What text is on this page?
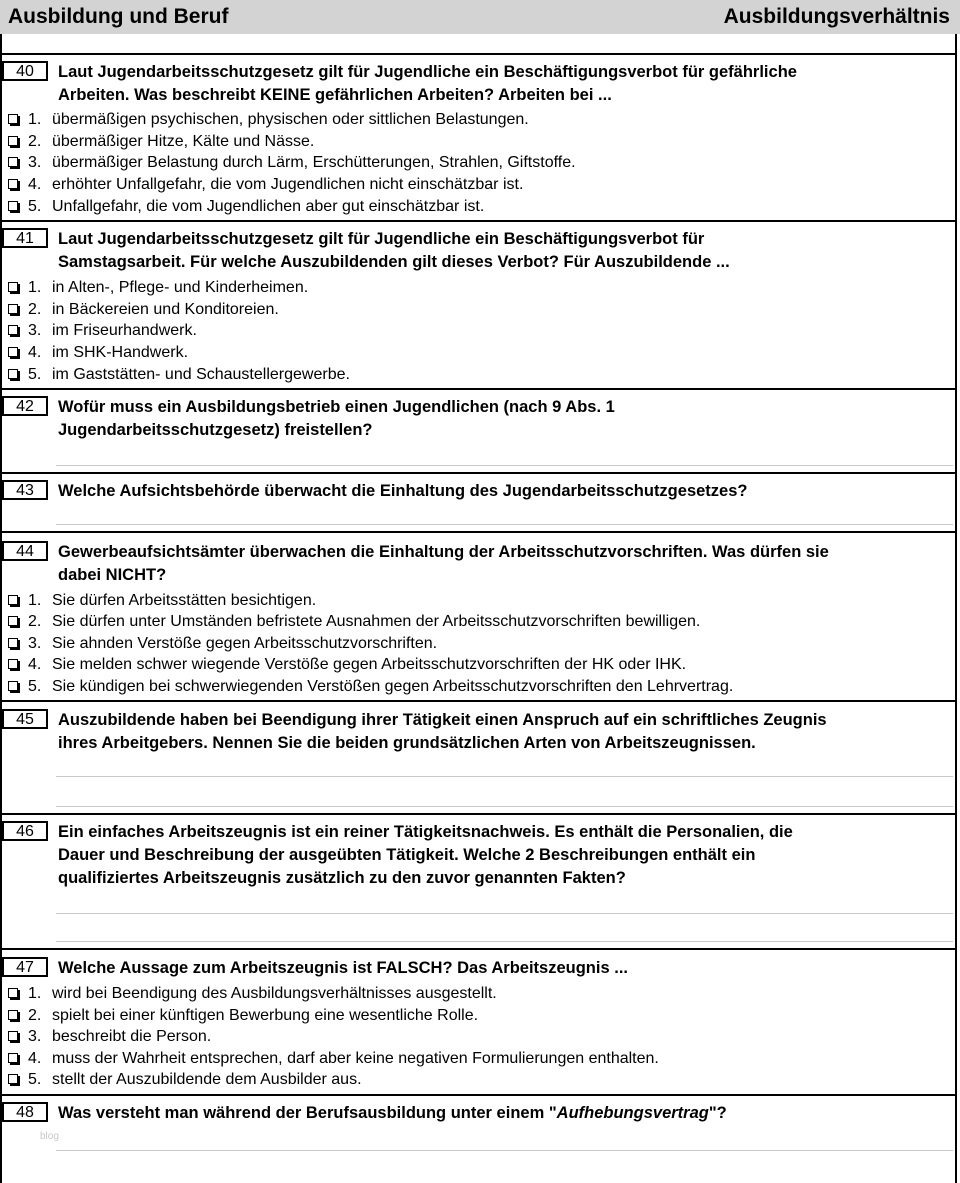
Ausbildung und Beruf	Ausbildungsverhältnis
40	Laut Jugendarbeitsschutzgesetz gilt für Jugendliche ein Beschäftigungsverbot für gefährliche
Arbeiten. Was beschreibt KEINE gefährlichen Arbeiten? Arbeiten bei ...
1. übermäßigen psychischen, physischen oder sittlichen Belastungen.
2. übermäßiger Hitze, Kälte und Nässe.
3. übermäßiger Belastung durch Lärm, Erschütterungen, Strahlen, Giftstoffe.
4. erhöhter Unfallgefahr, die vom Jugendlichen nicht einschätzbar ist.
5. Unfallgefahr, die vom Jugendlichen aber gut einschätzbar ist.
41	Laut Jugendarbeitsschutzgesetz gilt für Jugendliche ein Beschäftigungsverbot für
Samstagsarbeit. Für welche Auszubildenden gilt dieses Verbot? Für Auszubildende ...
1. in Alten-, Pflege- und Kinderheimen.
2. in Bäckereien und Konditoreien.
3. im Friseurhandwerk.
4. im SHK-Handwerk.
5. im Gaststätten- und Schaustellergewerbe.
42	Wofür muss ein Ausbildungsbetrieb einen Jugendlichen (nach 9 Abs. 1
Jugendarbeitsschutzgesetz) freistellen?
43	Welche Aufsichtsbehörde überwacht die Einhaltung des Jugendarbeitsschutzgesetzes?
44	Gewerbeaufsichtsämter überwachen die Einhaltung der Arbeitsschutzvorschriften. Was dürfen sie
dabei NICHT?
1. Sie dürfen Arbeitsstätten besichtigen.
2. Sie dürfen unter Umständen befristete Ausnahmen der Arbeitsschutzvorschriften bewilligen.
3. Sie ahnden Verstöße gegen Arbeitsschutzvorschriften.
4. Sie melden schwer wiegende Verstöße gegen Arbeitsschutzvorschriften der HK oder IHK.
5. Sie kündigen bei schwerwiegenden Verstößen gegen Arbeitsschutzvorschriften den Lehrvertrag.
45	Auszubildende haben bei Beendigung ihrer Tätigkeit einen Anspruch auf ein schriftliches Zeugnis
ihres Arbeitgebers. Nennen Sie die beiden grundsätzlichen Arten von Arbeitszeugnissen.
46	Ein einfaches Arbeitszeugnis ist ein reiner Tätigkeitsnachweis. Es enthält die Personalien, die
Dauer und Beschreibung der ausgeübten Tätigkeit. Welche 2 Beschreibungen enthält ein
qualifiziertes Arbeitszeugnis zusätzlich zu den zuvor genannten Fakten?
47	Welche Aussage zum Arbeitszeugnis ist FALSCH? Das Arbeitszeugnis ...
1. wird bei Beendigung des Ausbildungsverhältnisses ausgestellt.
2. spielt bei einer künftigen Bewerbung eine wesentliche Rolle.
3. beschreibt die Person.
4. muss der Wahrheit entsprechen, darf aber keine negativen Formulierungen enthalten.
5. stellt der Auszubildende dem Ausbilder aus.
48	Was versteht man während der Berufsausbildung unter einem "Aufhebungsvertrag"?
blog
